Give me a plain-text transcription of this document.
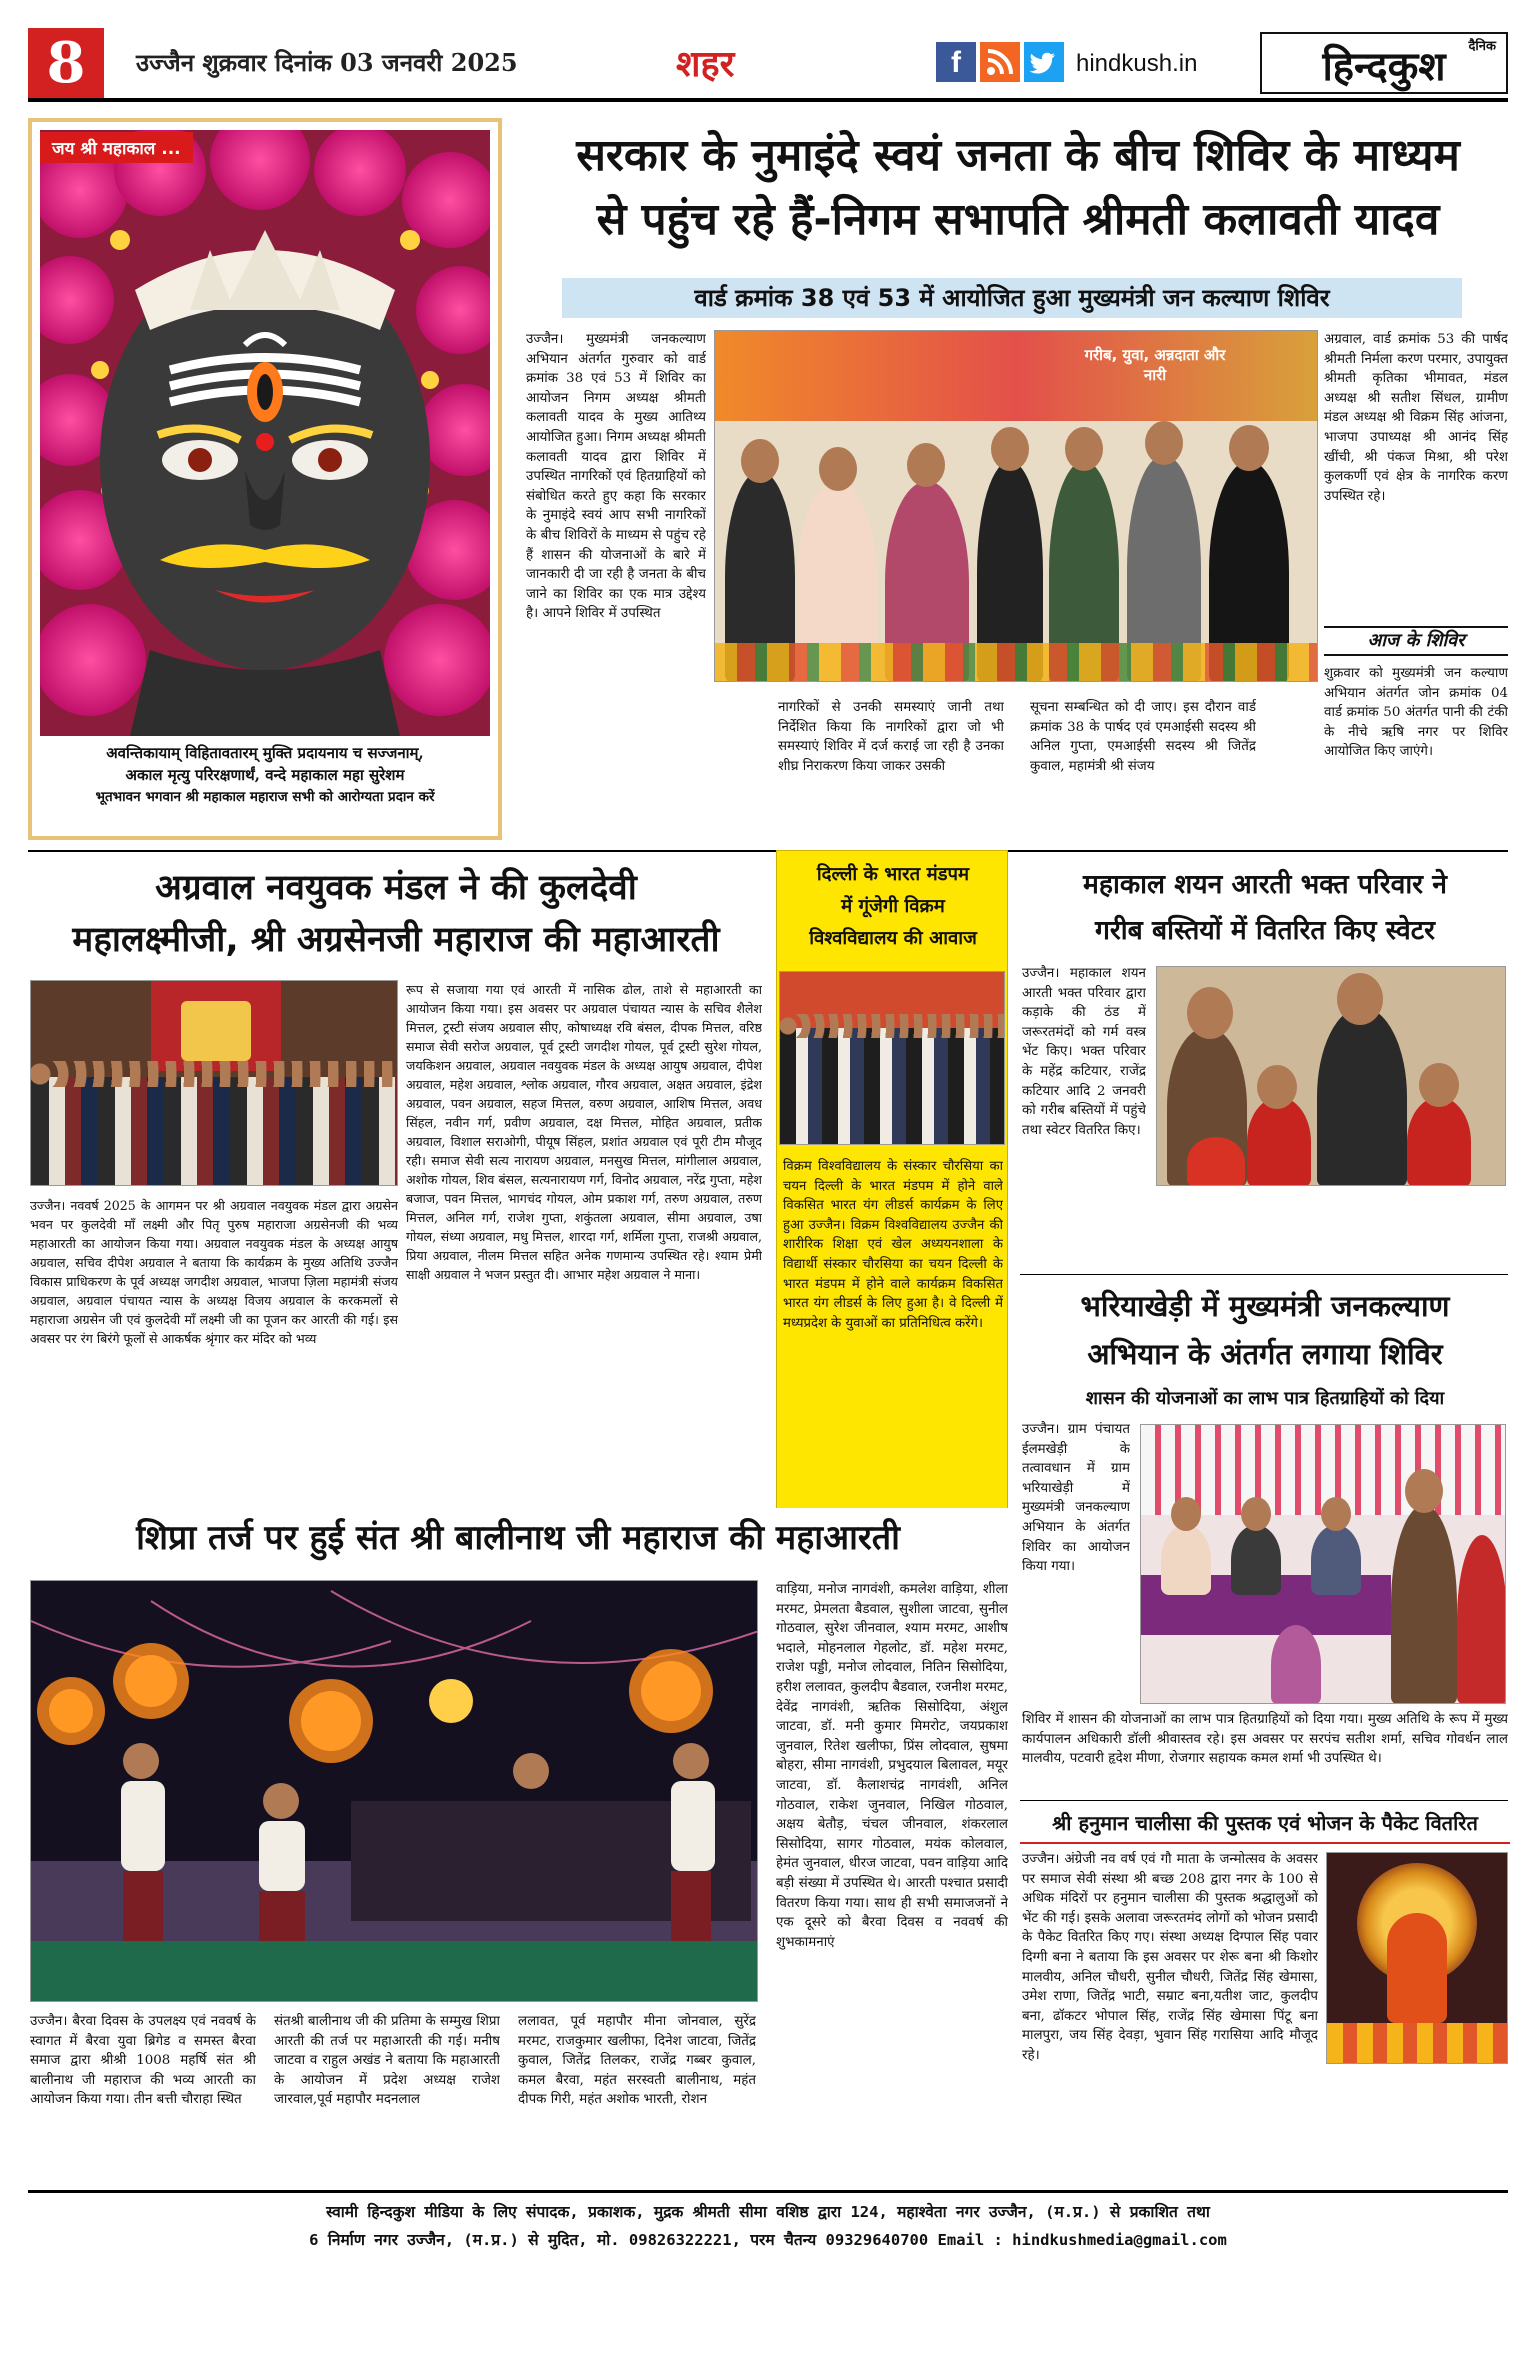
8	उज्जैन शुक्रवार दिनांक 03 जनवरी 2025	शहर	f	hindkush.in
दैनिक
हिन्दकुश
जय श्री महाकाल ...
अवन्तिकायाम् विहितावतारम् मुक्ति प्रदायनाय च सज्जनाम्,
अकाल मृत्यु परिरक्षणार्थं, वन्दे महाकाल महा सुरेशम
भूतभावन भगवान श्री महाकाल महाराज सभी को आरोग्यता प्रदान करें
सरकार के नुमाइंदे स्वयं जनता के बीच शिविर के माध्यम
से पहुंच रहे हैं-निगम सभापति श्रीमती कलावती यादव
वार्ड क्रमांक 38 एवं 53 में आयोजित हुआ मुख्यमंत्री जन कल्याण शिविर
उज्जैन। मुख्यमंत्री जनकल्याण अभियान अंतर्गत गुरुवार को वार्ड क्रमांक 38 एवं 53 में शिविर का आयोजन निगम अध्यक्ष श्रीमती कलावती यादव के मुख्य आतिथ्य आयोजित हुआ। निगम अध्यक्ष श्रीमती कलावती यादव द्वारा शिविर में उपस्थित नागरिकों एवं हितग्राहियों को संबोधित करते हुए कहा कि सरकार के नुमाइंदे स्वयं आप सभी नागरिकों के बीच शिविरों के माध्यम से पहुंच रहे हैं शासन की योजनाओं के बारे में जानकारी दी जा रही है जनता के बीच जाने का शिविर का एक मात्र उद्देश्य है। आपने शिविर में उपस्थित
गरीब, युवा, अन्नदाता और नारी
नागरिकों से उनकी समस्याएं जानी तथा निर्देशित किया कि नागरिकों द्वारा जो भी समस्याएं शिविर में दर्ज कराई जा रही है उनका शीघ्र निराकरण किया जाकर उसकी
सूचना सम्बन्धित को दी जाए। इस दौरान वार्ड क्रमांक 38 के पार्षद एवं एमआईसी सदस्य श्री अनिल गुप्ता, एमआईसी सदस्य श्री जितेंद्र कुवाल, महामंत्री श्री संजय
अग्रवाल, वार्ड क्रमांक 53 की पार्षद श्रीमती निर्मला करण परमार, उपायुक्त श्रीमती कृतिका भीमावत, मंडल अध्यक्ष श्री सतीश सिंधल, ग्रामीण मंडल अध्यक्ष श्री विक्रम सिंह आंजना, भाजपा उपाध्यक्ष श्री आनंद सिंह खींची, श्री पंकज मिश्रा, श्री परेश कुलकर्णी एवं क्षेत्र के नागरिक करण उपस्थित रहे।
आज के शिविर
शुक्रवार को मुख्यमंत्री जन कल्याण अभियान अंतर्गत जोन क्रमांक 04 वार्ड क्रमांक 50 अंतर्गत पानी की टंकी के नीचे ऋषि नगर पर शिविर आयोजित किए जाएंगे।
अग्रवाल नवयुवक मंडल ने की कुलदेवी
महालक्ष्मीजी, श्री अग्रसेनजी महाराज की महाआरती
उज्जैन। नववर्ष 2025 के आगमन पर श्री अग्रवाल नवयुवक मंडल द्वारा अग्रसेन भवन पर कुलदेवी माँ लक्ष्मी और पितृ पुरुष महाराजा अग्रसेनजी की भव्य महाआरती का आयोजन किया गया। अग्रवाल नवयुवक मंडल के अध्यक्ष आयुष अग्रवाल, सचिव दीपेश अग्रवाल ने बताया कि कार्यक्रम के मुख्य अतिथि उज्जैन विकास प्राधिकरण के पूर्व अध्यक्ष जगदीश अग्रवाल, भाजपा ज़िला महामंत्री संजय अग्रवाल, अग्रवाल पंचायत न्यास के अध्यक्ष विजय अग्रवाल के करकमलों से महाराजा अग्रसेन जी एवं कुलदेवी माँ लक्ष्मी जी का पूजन कर आरती की गई। इस अवसर पर रंग बिरंगे फूलों से आकर्षक श्रृंगार कर मंदिर को भव्य
रूप से सजाया गया एवं आरती में नासिक ढोल, ताशे से महाआरती का आयोजन किया गया। इस अवसर पर अग्रवाल पंचायत न्यास के सचिव शैलेश मित्तल, ट्रस्टी संजय अग्रवाल सीए, कोषाध्यक्ष रवि बंसल, दीपक मित्तल, वरिष्ठ समाज सेवी सरोज अग्रवाल, पूर्व ट्रस्टी जगदीश गोयल, पूर्व ट्रस्टी सुरेश गोयल, जयकिशन अग्रवाल, अग्रवाल नवयुवक मंडल के अध्यक्ष आयुष अग्रवाल, दीपेश अग्रवाल, महेश अग्रवाल, श्लोक अग्रवाल, गौरव अग्रवाल, अक्षत अग्रवाल, इंद्रेश अग्रवाल, पवन अग्रवाल, सहज मित्तल, वरुण अग्रवाल, आशिष मित्तल, अवध सिंहल, नवीन गर्ग, प्रवीण अग्रवाल, दक्ष मित्तल, मोहित अग्रवाल, प्रतीक अग्रवाल, विशाल सराओगी, पीयूष सिंहल, प्रशांत अग्रवाल एवं पूरी टीम मौजूद रही। समाज सेवी सत्य नारायण अग्रवाल, मनसुख मित्तल, मांगीलाल अग्रवाल, अशोक गोयल, शिव बंसल, सत्यनारायण गर्ग, विनोद अग्रवाल, नरेंद्र गुप्ता, महेश बजाज, पवन मित्तल, भागचंद गोयल, ओम प्रकाश गर्ग, तरुण अग्रवाल, तरुण मित्तल, अनिल गर्ग, राजेश गुप्ता, शकुंतला अग्रवाल, सीमा अग्रवाल, उषा गोयल, संध्या अग्रवाल, मधु मित्तल, शारदा गर्ग, शर्मिला गुप्ता, राजश्री अग्रवाल, प्रिया अग्रवाल, नीलम मित्तल सहित अनेक गणमान्य उपस्थित रहे। श्याम प्रेमी साक्षी अग्रवाल ने भजन प्रस्तुत दी। आभार महेश अग्रवाल ने माना।
दिल्ली के भारत मंडपम
में गूंजेगी विक्रम
विश्वविद्यालय की आवाज
विक्रम विश्वविद्यालय के संस्कार चौरसिया का चयन दिल्ली के भारत मंडपम में होने वाले विकसित भारत यंग लीडर्स कार्यक्रम के लिए हुआ उज्जैन। विक्रम विश्वविद्यालय उज्जैन की शारीरिक शिक्षा एवं खेल अध्ययनशाला के विद्यार्थी संस्कार चौरसिया का चयन दिल्ली के भारत मंडपम में होने वाले कार्यक्रम विकसित भारत यंग लीडर्स के लिए हुआ है। वे दिल्ली में मध्यप्रदेश के युवाओं का प्रतिनिधित्व करेंगे।
महाकाल शयन आरती भक्त परिवार ने
गरीब बस्तियों में वितरित किए स्वेटर
उज्जैन। महाकाल शयन आरती भक्त परिवार द्वारा कड़ाके की ठंड में जरूरतमंदों को गर्म वस्त्र भेंट किए। भक्त परिवार के महेंद्र कटियार, राजेंद्र कटियार आदि 2 जनवरी को गरीब बस्तियों में पहुंचे तथा स्वेटर वितरित किए।
भरियाखेड़ी में मुख्यमंत्री जनकल्याण
अभियान के अंतर्गत लगाया शिविर
शासन की योजनाओं का लाभ पात्र हितग्राहियों को दिया
उज्जैन। ग्राम पंचायत ईलमखेड़ी के तत्वावधान में ग्राम भरियाखेड़ी में मुख्यमंत्री जनकल्याण अभियान के अंतर्गत शिविर का आयोजन किया गया।
शिविर में शासन की योजनाओं का लाभ पात्र हितग्राहियों को दिया गया। मुख्य अतिथि के रूप में मुख्य कार्यपालन अधिकारी डॉली श्रीवास्तव रहे। इस अवसर पर सरपंच सतीश शर्मा, सचिव गोवर्धन लाल मालवीय, पटवारी हृदेश मीणा, रोजगार सहायक कमल शर्मा भी उपस्थित थे।
श्री हनुमान चालीसा की पुस्तक एवं भोजन के पैकेट वितरित
उज्जैन। अंग्रेजी नव वर्ष एवं गौ माता के जन्मोत्सव के अवसर पर समाज सेवी संस्था श्री बच्छ 208 द्वारा नगर के 100 से अधिक मंदिरों पर हनुमान चालीसा की पुस्तक श्रद्धालुओं को भेंट की गई। इसके अलावा जरूरतमंद लोगों को भोजन प्रसादी के पैकेट वितरित किए गए। संस्था अध्यक्ष दिग्पाल सिंह पवार दिग्गी बना ने बताया कि इस अवसर पर शेरू बना श्री किशोर मालवीय, अनिल चौधरी, सुनील चौधरी, जितेंद्र सिंह खेमासा, उमेश राणा, जितेंद्र भाटी, सम्राट बना,यतीश जाट, कुलदीप बना, ढॉकटर भोपाल सिंह, राजेंद्र सिंह खेमासा पिंटू बना मालपुरा, जय सिंह देवड़ा, भुवान सिंह गरासिया आदि मौजूद रहे।
शिप्रा तर्ज पर हुई संत श्री बालीनाथ जी महाराज की महाआरती
उज्जैन। बैरवा दिवस के उपलक्ष्य एवं नववर्ष के स्वागत में बैरवा युवा ब्रिगेड व समस्त बैरवा समाज द्वारा श्रीश्री 1008 महर्षि संत श्री बालीनाथ जी महाराज की भव्य आरती का आयोजन किया गया। तीन बत्ती चौराहा स्थित
संतश्री बालीनाथ जी की प्रतिमा के सम्मुख शिप्रा आरती की तर्ज पर महाआरती की गई। मनीष जाटवा व राहुल अखंड ने बताया कि महाआरती के आयोजन में प्रदेश अध्यक्ष राजेश जारवाल,पूर्व महापौर मदनलाल
ललावत, पूर्व महापौर मीना जोनवाल, सुरेंद्र मरमट, राजकुमार खलीफा, दिनेश जाटवा, जितेंद्र कुवाल, जितेंद्र तिलकर, राजेंद्र गब्बर कुवाल, कमल बैरवा, महंत सरस्वती बालीनाथ, महंत दीपक गिरी, महंत अशोक भारती, रोशन
वाड़िया, मनोज नागवंशी, कमलेश वाड़िया, शीला मरमट, प्रेमलता बैडवाल, सुशीला जाटवा, सुनील गोठवाल, सुरेश जीनवाल, श्याम मरमट, आशीष भदाले, मोहनलाल गेहलोट, डॉ. महेश मरमट, राजेश पड्डी, मनोज लोदवाल, नितिन सिसोदिया, हरीश ललावत, कुलदीप बैडवाल, रजनीश मरमट, देवेंद्र नागवंशी, ऋतिक सिसोदिया, अंशुल जाटवा, डॉ. मनी कुमार मिमरोट, जयप्रकाश जुनवाल, रितेश खलीफा, प्रिंस लोदवाल, सुषमा बोहरा, सीमा नागवंशी, प्रभुदयाल बिलावल, मयूर जाटवा, डॉ. कैलाशचंद्र नागवंशी, अनिल गोठवाल, राकेश जुनवाल, निखिल गोठवाल, अक्षय बेतौड़, चंचल जीनवाल, शंकरलाल सिसोदिया, सागर गोठवाल, मयंक कोलवाल, हेमंत जुनवाल, धीरज जाटवा, पवन वाड़िया आदि बड़ी संख्या में उपस्थित थे। आरती पश्चात प्रसादी वितरण किया गया। साथ ही सभी समाजजनों ने एक दूसरे को बैरवा दिवस व नववर्ष की शुभकामनाएं
स्वामी हिन्दकुश मीडिया के लिए संपादक, प्रकाशक, मुद्रक श्रीमती सीमा वशिष्ठ द्वारा 124, महाश्वेता नगर उज्जैन, (म.प्र.) से प्रकाशित तथा
6 निर्माण नगर उज्जैन, (म.प्र.) से मुदित, मो. 09826322221, परम चैतन्य 09329640700 Email : hindkushmedia@gmail.com
